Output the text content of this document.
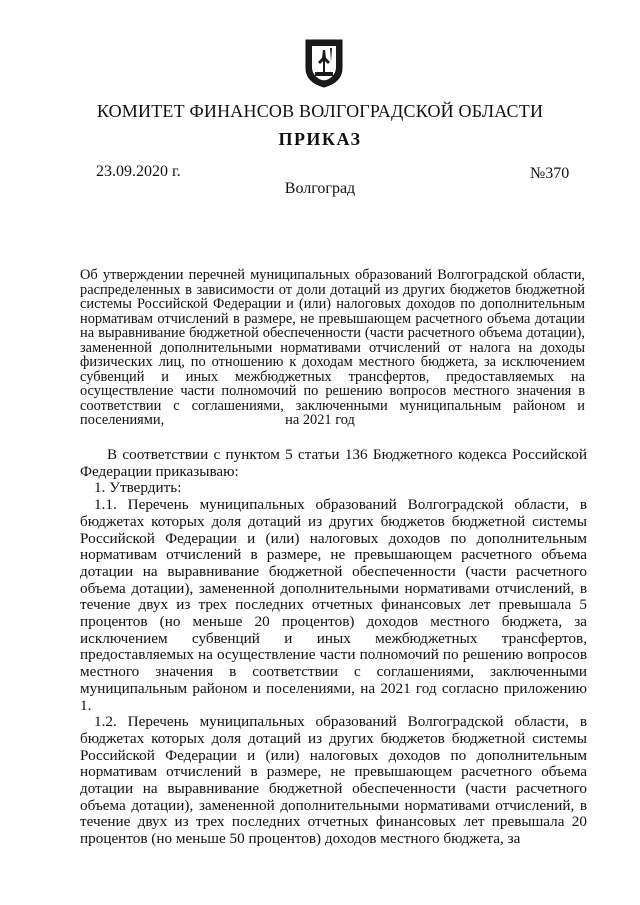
КОМИТЕТ ФИНАНСОВ ВОЛГОГРАДСКОЙ ОБЛАСТИ
ПРИКАЗ
23.09.2020 г.	№370
Волгоград
Об утверждении перечней муниципальных образований Волгоградской области, распределенных в зависимости от доли дотаций из других бюджетов бюджетной системы Российской Федерации и (или) налоговых доходов по дополнительным нормативам отчислений в размере, не превышающем расчетного объема дотации на выравнивание бюджетной обеспеченности (части расчетного объема дотации), замененной дополнительными нормативами отчислений от налога на доходы физических лиц, по отношению к доходам местного бюджета, за исключением субвенций и иных межбюджетных трансфертов, предоставляемых на осуществление части полномочий по решению вопросов местного значения в соответствии с соглашениями, заключенными муниципальным районом и поселениями,	на 2021 год

В соответствии с пунктом 5 статьи 136 Бюджетного кодекса Российской Федерации приказываю:

1. Утвердить:

1.1. Перечень муниципальных образований Волгоградской области, в бюджетах которых доля дотаций из других бюджетов бюджетной системы Российской Федерации и (или) налоговых доходов по дополнительным нормативам отчислений в размере, не превышающем расчетного объема дотации на выравнивание бюджетной обеспеченности (части расчетного объема дотации), замененной дополнительными нормативами отчислений, в течение двух из трех последних отчетных финансовых лет превышала 5 процентов (но меньше 20 процентов) доходов местного бюджета, за исключением субвенций и иных межбюджетных трансфертов, предоставляемых на осуществление части полномочий по решению вопросов местного значения в соответствии с соглашениями, заключенными муниципальным районом и поселениями, на 2021 год согласно приложению 1.

1.2. Перечень муниципальных образований Волгоградской области, в бюджетах которых доля дотаций из других бюджетов бюджетной системы Российской Федерации и (или) налоговых доходов по дополнительным нормативам отчислений в размере, не превышающем расчетного объема дотации на выравнивание бюджетной обеспеченности (части расчетного объема дотации), замененной дополнительными нормативами отчислений, в течение двух из трех последних отчетных финансовых лет превышала 20 процентов (но меньше 50 процентов) доходов местного бюджета, за
